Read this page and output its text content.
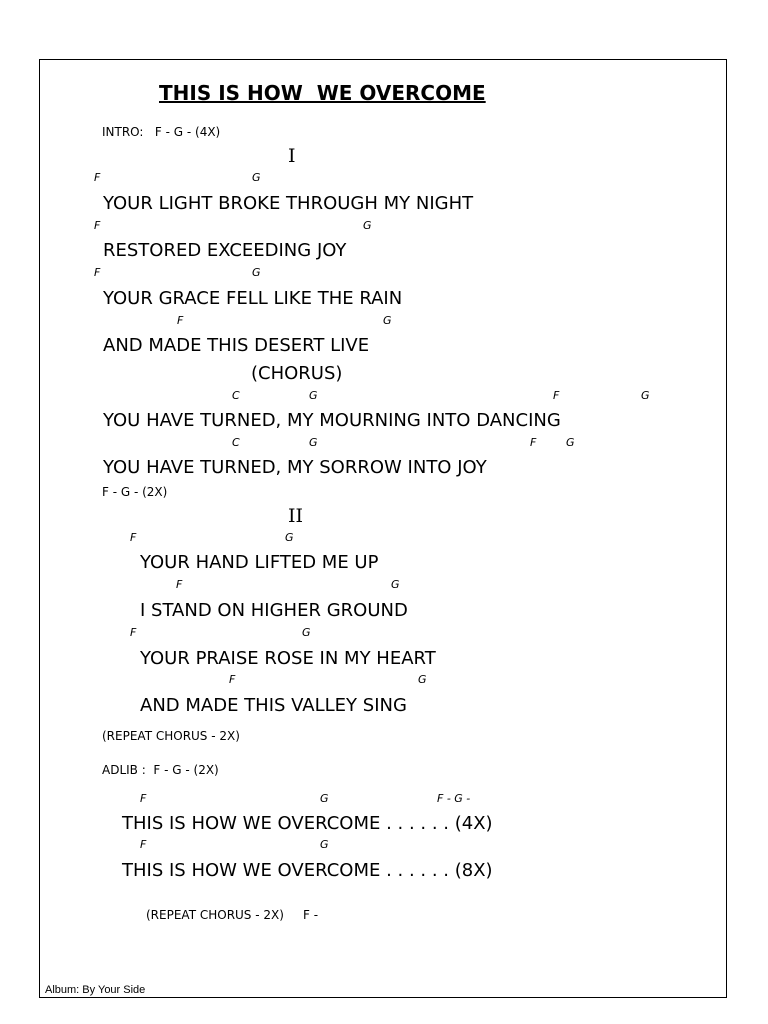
THIS IS HOW  WE OVERCOME
INTRO:   F - G - (4X)
I
F	G
YOUR LIGHT BROKE THROUGH MY NIGHT
F	G
RESTORED EXCEEDING JOY
F	G
YOUR GRACE FELL LIKE THE RAIN
F	G
AND MADE THIS DESERT LIVE
(CHORUS)
C	G	F	G
YOU HAVE TURNED, MY MOURNING INTO DANCING
C	G	F	G
YOU HAVE TURNED, MY SORROW INTO JOY
F - G - (2X)
II
F	G
YOUR HAND LIFTED ME UP
F	G
I STAND ON HIGHER GROUND
F	G
YOUR PRAISE ROSE IN MY HEART
F	G
AND MADE THIS VALLEY SING
(REPEAT CHORUS - 2X)
ADLIB :  F - G - (2X)
F	G	F - G -
THIS IS HOW WE OVERCOME . . . . . . (4X)
F	G
THIS IS HOW WE OVERCOME . . . . . . (8X)
(REPEAT CHORUS - 2X)     F -
Album: By Your Side
